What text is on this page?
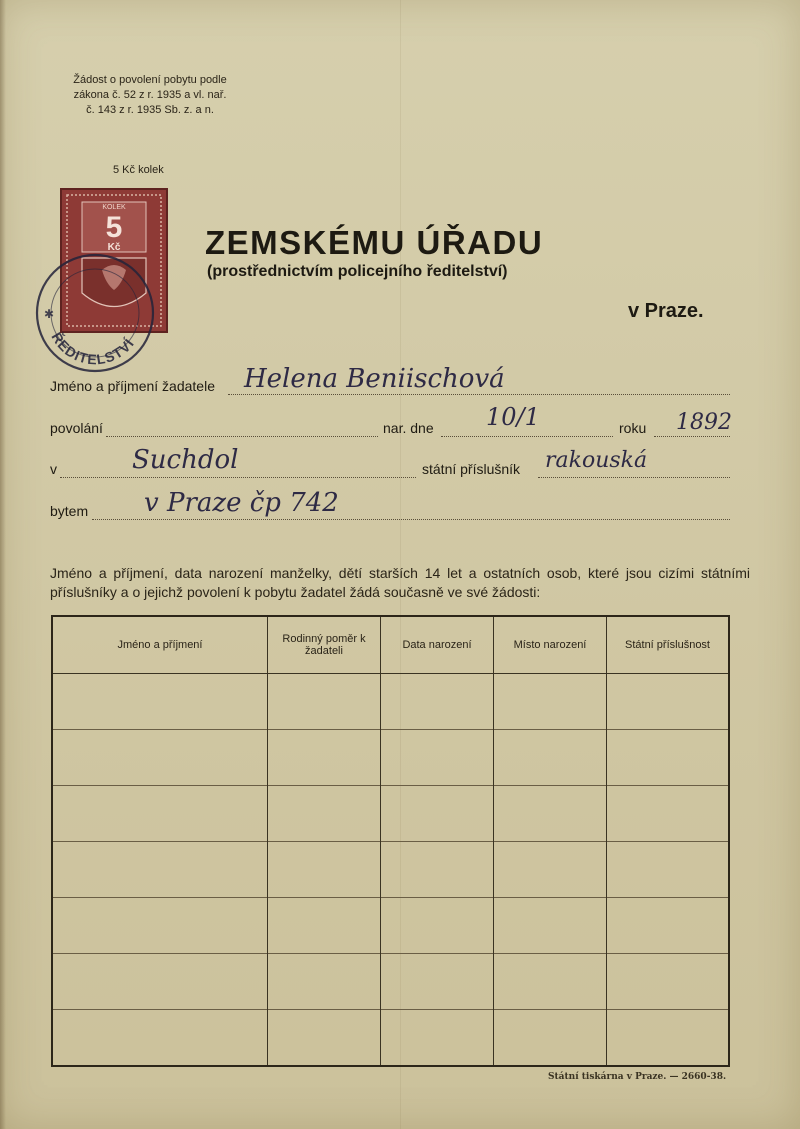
Žádost o povolení pobytu podle
zákona č. 52 z r. 1935 a vl. nař.
č. 143 z r. 1935 Sb. z. a n.
5 Kč kolek
KOLEK
5
Kč
ŘEDITELSTVÍ
✱
ZEMSKÉMU ÚŘADU
(prostřednictvím policejního ředitelství)
v Praze.
Jméno a příjmení žadatele Helena Beniischová
povolání	nar. dne 10/1	roku 1892
v	Suchdol	státní příslušník rakouská
bytem v Praze čp 742
Jméno a příjmení, data narození manželky, dětí starších 14 let a ostatních osob, které jsou cizími státními příslušníky a o jejichž povolení k pobytu žadatel žádá současně ve své žádosti:
Jméno a příjmení	Rodinný poměr k žadateli	Data narození	Místo narození	Státní příslušnost

Státní tiskárna v Praze. — 2660-38.
